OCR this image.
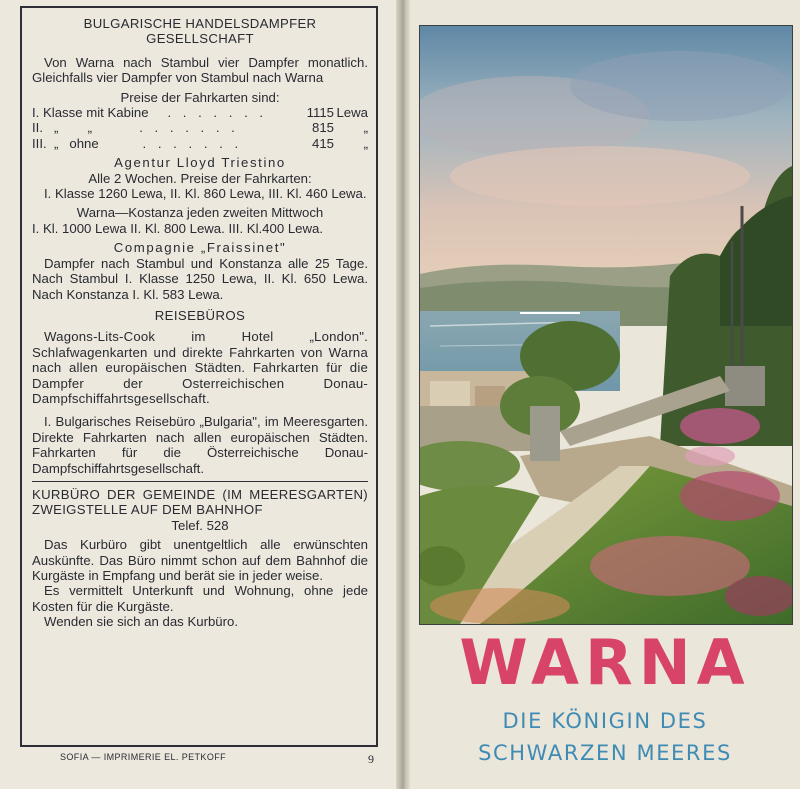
BULGARISCHE HANDELSDAMPFER

GESELLSCHAFT

Von Warna nach Stambul vier Dampfer monatlich. Gleichfalls vier Dampfer von Stambul nach Warna

Preise der Fahrkarten sind:

I. Klasse mit Kabine	. . . . . . .	1115 Lewa
II.   „        „	. . . . . . .	815	„
III.  „   ohne	. . . . . . .	415	„

Agentur Lloyd Triestino

Alle 2 Wochen. Preise der Fahrkarten:

I. Klasse 1260 Lewa, II. Kl. 860 Lewa, III. Kl. 460 Lewa.

Warna—Kostanza jeden zweiten Mittwoch

I. Kl. 1000 Lewa II. Kl. 800 Lewa. III. Kl.400 Lewa.

Compagnie „Fraissinet"

Dampfer nach Stambul und Konstanza alle 25 Tage. Nach Stambul I. Klasse 1250 Lewa, II. Kl. 650 Lewa. Nach Konstanza I. Kl. 583 Lewa.

REISEBÜROS

Wagons-Lits-Cook im Hotel „London". Schlafwagenkarten und direkte Fahrkarten von Warna nach allen europäischen Städten. Fahrkarten für die Dampfer der Osterreichischen Donau-Dampfschiffahrtsgesellschaft.

I. Bulgarisches Reisebüro „Bulgaria", im Meeresgarten. Direkte Fahrkarten nach allen europäischen Städten. Fahrkarten für die Österreichische Donau-Dampfschiffahrtsgesellschaft.

KURBÜRO DER GEMEINDE (IM MEERESGARTEN) ZWEIGSTELLE AUF DEM BAHNHOF

Telef. 528

Das Kurbüro gibt unentgeltlich alle erwünschten Auskünfte. Das Büro nimmt schon auf dem Bahnhof die Kurgäste in Empfang und berät sie in jeder weise.

Es vermittelt Unterkunft und Wohnung, ohne jede Kosten für die Kurgäste.

Wenden sie sich an das Kurbüro.

SOFIA — IMPRIMERIE EL. PETKOFF	9
WARNA
DIE KÖNIGIN DES
SCHWARZEN MEERES
